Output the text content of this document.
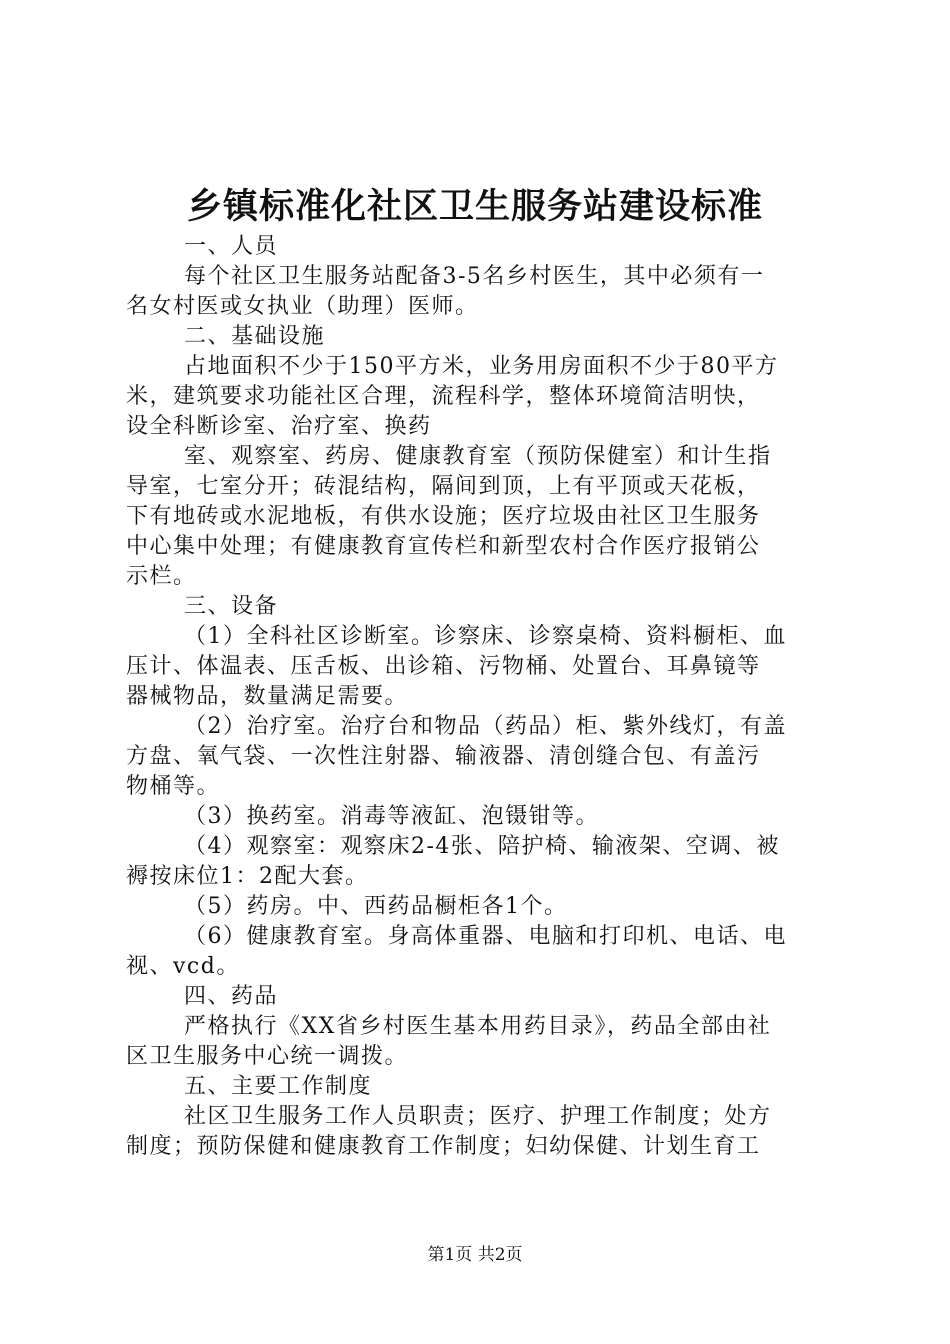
乡镇标准化社区卫生服务站建设标准
一、人员
每个社区卫生服务站配备3-5名乡村医生，其中必须有一
名女村医或女执业（助理）医师。
二、基础设施
占地面积不少于150平方米，业务用房面积不少于80平方
米，建筑要求功能社区合理，流程科学，整体环境简洁明快，
设全科断诊室、治疗室、换药
室、观察室、药房、健康教育室（预防保健室）和计生指
导室，七室分开；砖混结构，隔间到顶，上有平顶或天花板，
下有地砖或水泥地板，有供水设施；医疗垃圾由社区卫生服务
中心集中处理；有健康教育宣传栏和新型农村合作医疗报销公
示栏。
三、设备
（1）全科社区诊断室。诊察床、诊察桌椅、资料橱柜、血
压计、体温表、压舌板、出诊箱、污物桶、处置台、耳鼻镜等
器械物品，数量满足需要。
（2）治疗室。治疗台和物品（药品）柜、紫外线灯，有盖
方盘、氧气袋、一次性注射器、输液器、清创缝合包、有盖污
物桶等。
（3）换药室。消毒等液缸、泡镊钳等。
（4）观察室：观察床2-4张、陪护椅、输液架、空调、被
褥按床位1：2配大套。
（5）药房。中、西药品橱柜各1个。
（6）健康教育室。身高体重器、电脑和打印机、电话、电
视、vcd。
四、药品
严格执行《XX省乡村医生基本用药目录》，药品全部由社
区卫生服务中心统一调拨。
五、主要工作制度
社区卫生服务工作人员职责；医疗、护理工作制度；处方
制度；预防保健和健康教育工作制度；妇幼保健、计划生育工
第1页 共2页
